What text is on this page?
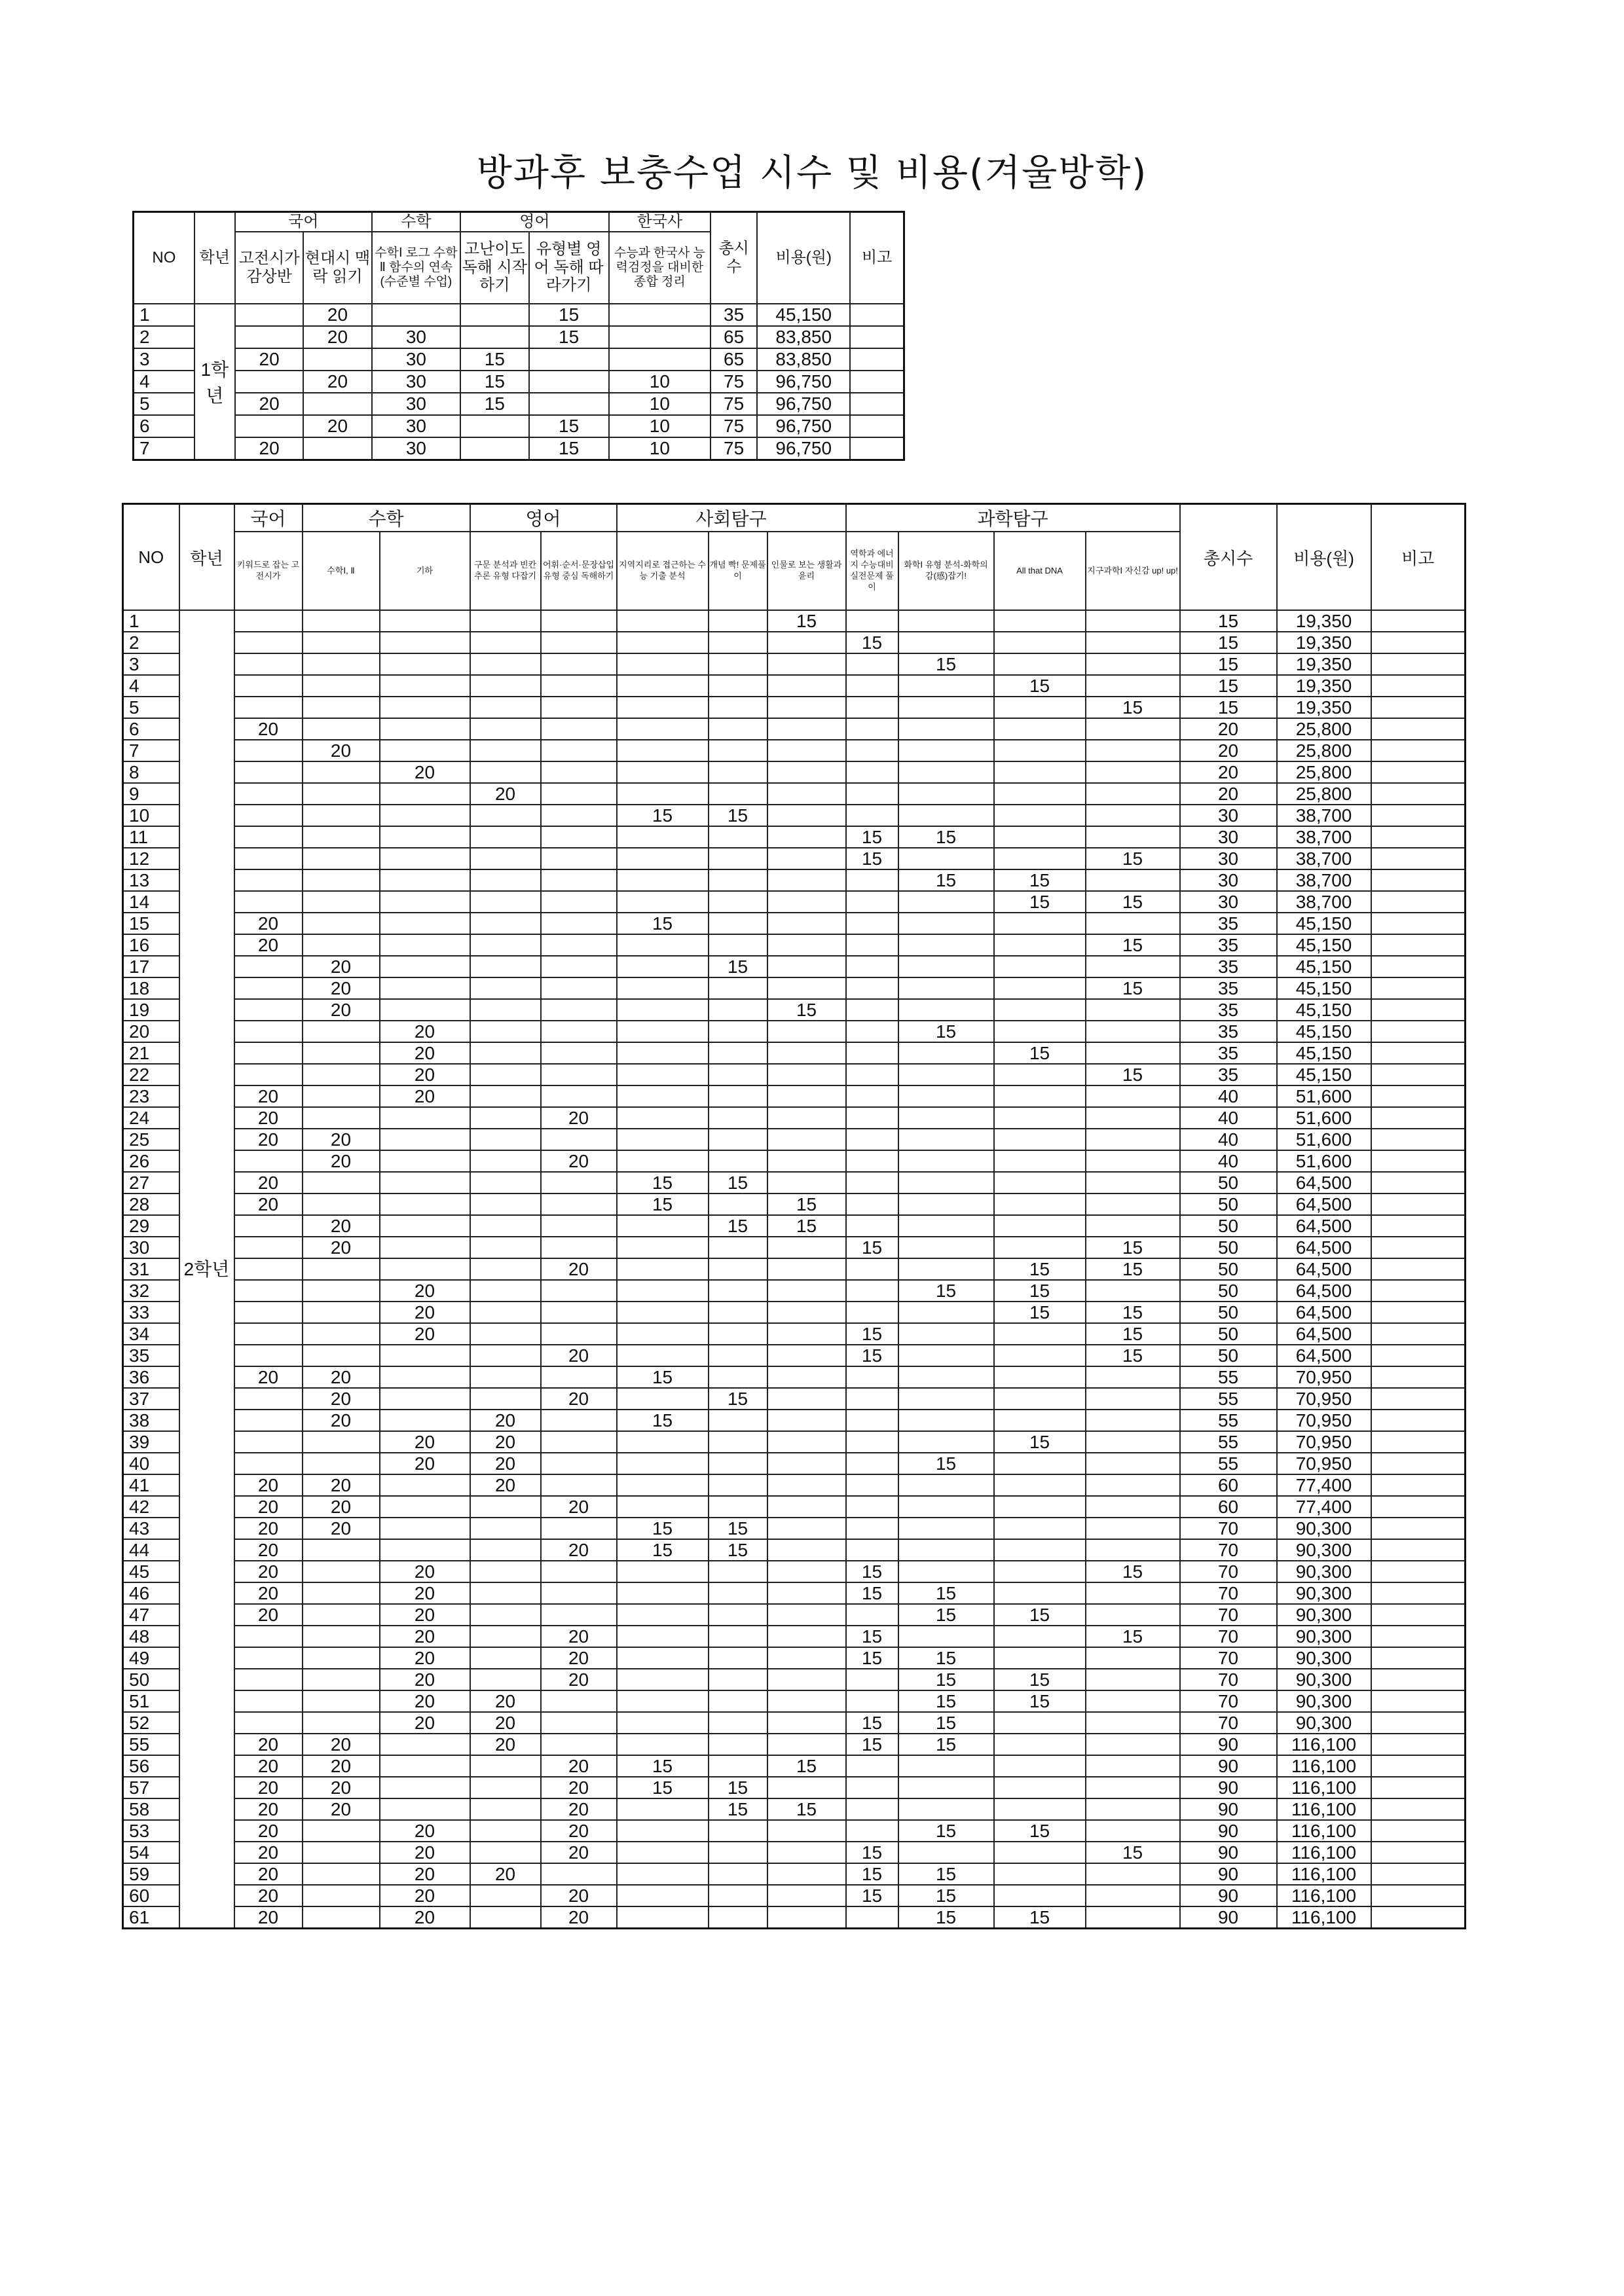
방과후 보충수업 시수 및 비용(겨울방학)
NO	학년	국어		수학	영어		한국사	총시수	비용(원)	비고
		고전시가 감상반	현대시 맥락 읽기	수학Ⅰ 로그 수학Ⅱ 함수의 연속 (수준별 수업)	고난이도 독해 시작하기	유형별 영어 독해 따라가기	수능과 한국사 능력검정을 대비한 종합 정리			
1	1학년		20			15		35	45,150	
2			20	30		15		65	83,850	
3		20		30	15			65	83,850	
4			20	30	15		10	75	96,750	
5		20		30	15		10	75	96,750	
6			20	30		15	10	75	96,750	
7		20		30		15	10	75	96,750	
NO	학년	국어	수학		영어		사회탐구			과학탐구				총시수	비용(원)	비고
		키워드로 잡는 고전시가	수학Ⅰ, Ⅱ	기하	구문 분석과 빈칸 추론 유형 다잡기	어휘·순서·문장삽입 유형 중심 독해하기	지역지리로 접근하는 수능 기출 분석	개념 빡! 문제풀이	인물로 보는 생활과 윤리	역학과 에너지 수능대비 실전문제 풀이	화학Ⅰ 유형 분석-화학의 감(感)잡기!	All that DNA	지구과학Ⅰ 자신감 up! up!			
1	2학년								15					15	19,350	
2										15				15	19,350	
3											15			15	19,350	
4												15		15	19,350	
5													15	15	19,350	
6		20												20	25,800	
7			20											20	25,800	
8				20										20	25,800	
9					20									20	25,800	
10							15	15						30	38,700	
11										15	15			30	38,700	
12										15			15	30	38,700	
13											15	15		30	38,700	
14												15	15	30	38,700	
15		20					15							35	45,150	
16		20											15	35	45,150	
17			20					15						35	45,150	
18			20										15	35	45,150	
19			20						15					35	45,150	
20				20							15			35	45,150	
21				20								15		35	45,150	
22				20									15	35	45,150	
23		20		20										40	51,600	
24		20				20								40	51,600	
25		20	20											40	51,600	
26			20			20								40	51,600	
27		20					15	15						50	64,500	
28		20					15		15					50	64,500	
29			20					15	15					50	64,500	
30			20							15			15	50	64,500	
31						20						15	15	50	64,500	
32				20							15	15		50	64,500	
33				20								15	15	50	64,500	
34				20						15			15	50	64,500	
35						20				15			15	50	64,500	
36		20	20				15							55	70,950	
37			20			20		15						55	70,950	
38			20		20		15							55	70,950	
39				20	20							15		55	70,950	
40				20	20						15			55	70,950	
41		20	20		20									60	77,400	
42		20	20			20								60	77,400	
43		20	20				15	15						70	90,300	
44		20				20	15	15						70	90,300	
45		20		20						15			15	70	90,300	
46		20		20						15	15			70	90,300	
47		20		20							15	15		70	90,300	
48				20		20				15			15	70	90,300	
49				20		20				15	15			70	90,300	
50				20		20					15	15		70	90,300	
51				20	20						15	15		70	90,300	
52				20	20					15	15			70	90,300	
55		20	20		20					15	15			90	116,100	
56		20	20			20	15		15					90	116,100	
57		20	20			20	15	15						90	116,100	
58		20	20			20		15	15					90	116,100	
53		20		20		20					15	15		90	116,100	
54		20		20		20				15			15	90	116,100	
59		20		20	20					15	15			90	116,100	
60		20		20		20				15	15			90	116,100	
61		20		20		20					15	15		90	116,100	
